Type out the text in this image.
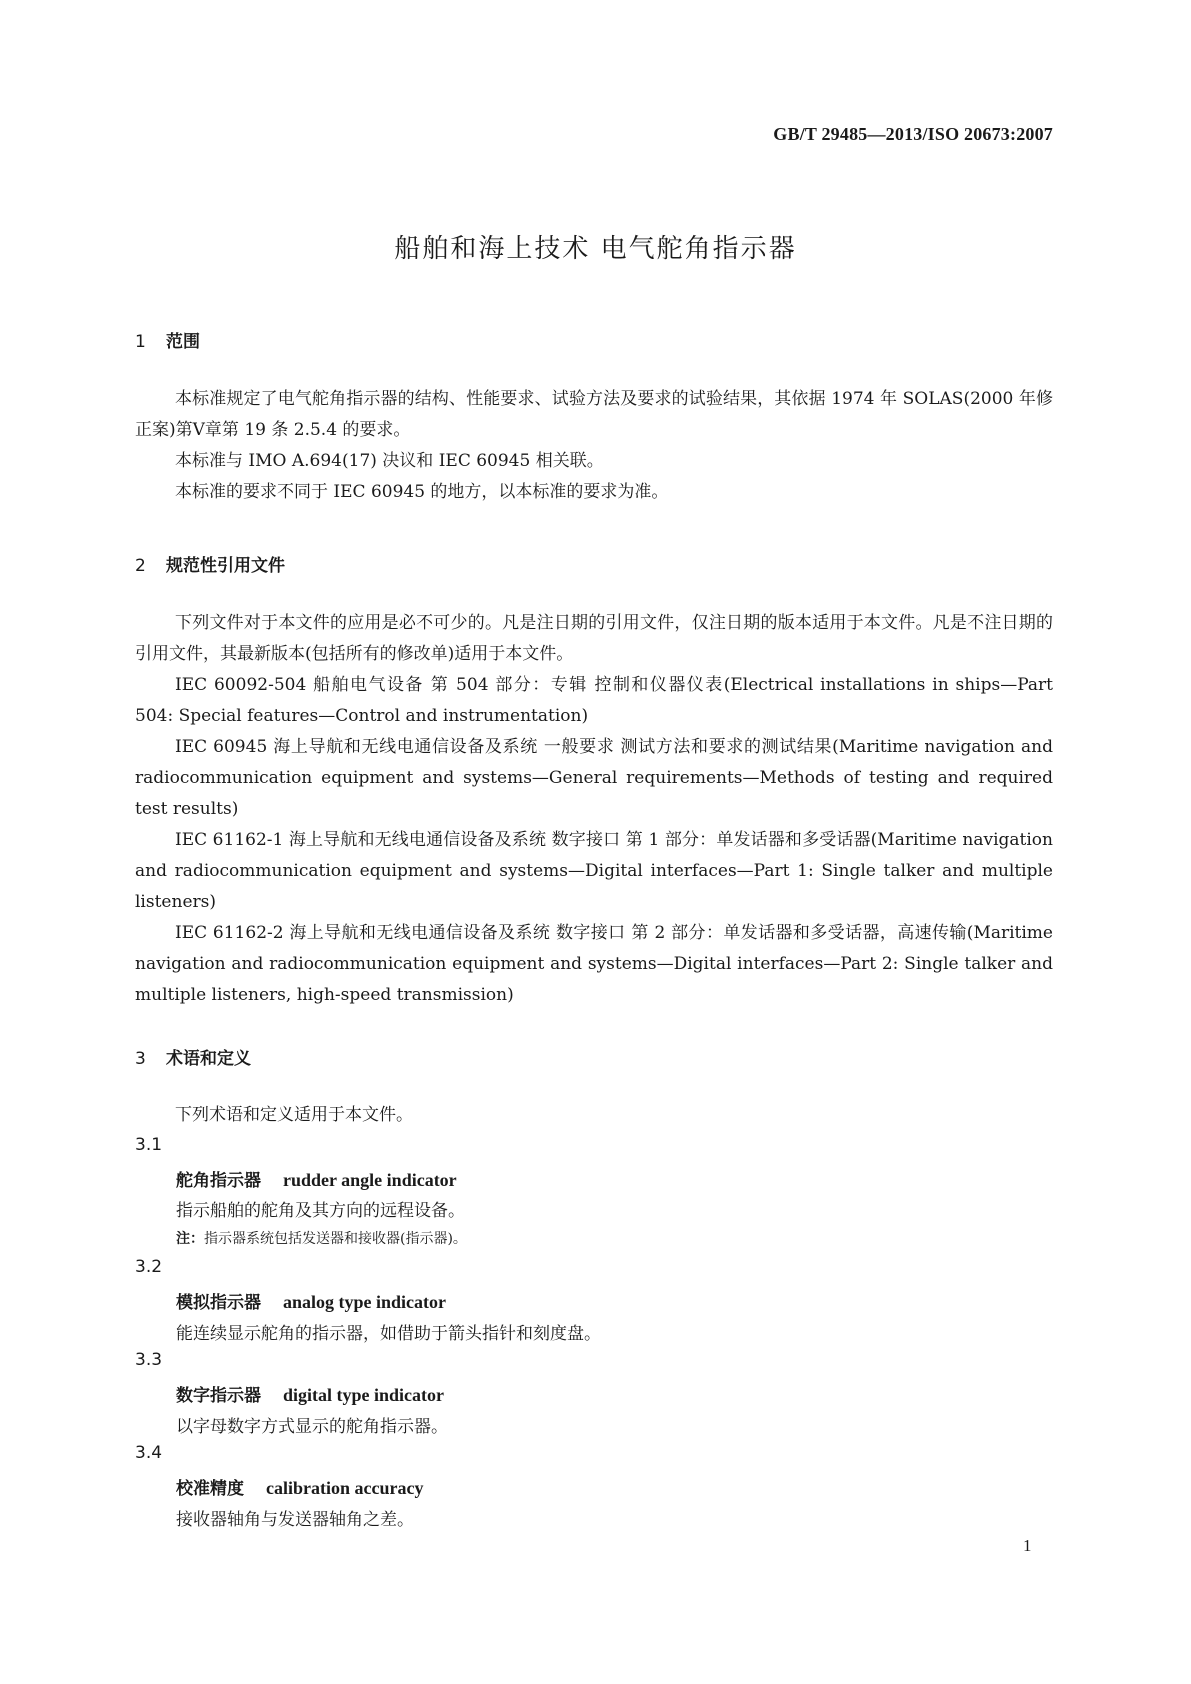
GB/T 29485—2013/ISO 20673:2007
船舶和海上技术 电气舵角指示器
1 范围
本标准规定了电气舵角指示器的结构、性能要求、试验方法及要求的试验结果，其依据 1974 年 SOLAS(2000 年修正案)第Ⅴ章第 19 条 2.5.4 的要求。
本标准与 IMO A.694(17) 决议和 IEC 60945 相关联。
本标准的要求不同于 IEC 60945 的地方，以本标准的要求为准。
2 规范性引用文件
下列文件对于本文件的应用是必不可少的。凡是注日期的引用文件，仅注日期的版本适用于本文件。凡是不注日期的引用文件，其最新版本(包括所有的修改单)适用于本文件。
IEC 60092-504 船舶电气设备 第 504 部分：专辑 控制和仪器仪表(Electrical installations in ships—Part 504: Special features—Control and instrumentation)
IEC 60945 海上导航和无线电通信设备及系统 一般要求 测试方法和要求的测试结果(Maritime navigation and radiocommunication equipment and systems—General requirements—Methods of testing and required test results)
IEC 61162-1 海上导航和无线电通信设备及系统 数字接口 第 1 部分：单发话器和多受话器(Maritime navigation and radiocommunication equipment and systems—Digital interfaces—Part 1: Single talker and multiple listeners)
IEC 61162-2 海上导航和无线电通信设备及系统 数字接口 第 2 部分：单发话器和多受话器，高速传输(Maritime navigation and radiocommunication equipment and systems—Digital interfaces—Part 2: Single talker and multiple listeners, high-speed transmission)
3 术语和定义
下列术语和定义适用于本文件。
3.1
舵角指示器 rudder angle indicator
指示船舶的舵角及其方向的远程设备。
注：指示器系统包括发送器和接收器(指示器)。
3.2
模拟指示器 analog type indicator
能连续显示舵角的指示器，如借助于箭头指针和刻度盘。
3.3
数字指示器 digital type indicator
以字母数字方式显示的舵角指示器。
3.4
校准精度 calibration accuracy
接收器轴角与发送器轴角之差。
1
